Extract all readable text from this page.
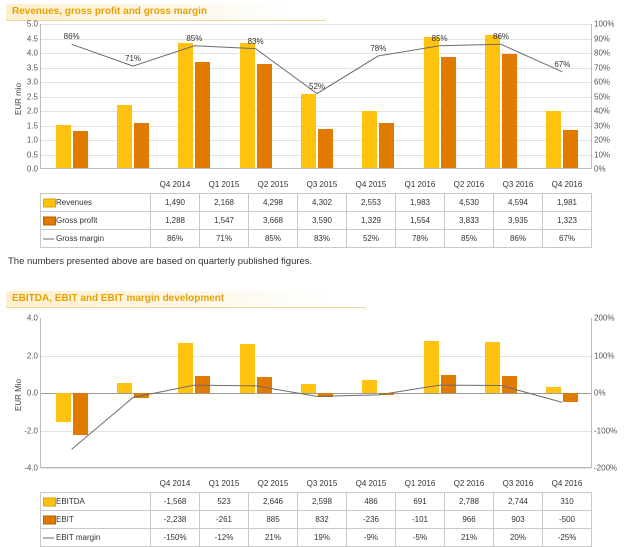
Revenues, gross profit and gross margin
EUR mio
0.0	0%
0.5	10%
1.0	20%
1.5	30%
2.0	40%
2.5	50%
3.0	60%
3.5	70%
4.0	80%
4.5	90%
5.0	100%
86%
71%
85%	83%
52%
78%
85%	86%
67%
	Q4 2014	Q1 2015	Q2 2015	Q3 2015	Q4 2015	Q1 2016	Q2 2016	Q3 2016	Q4 2016

Revenues	1,490	2,168	4,298	4,302	2,553	1,983	4,530	4,594	1,981

Gross profit	1,288	1,547	3,668	3,590	1,329	1,554	3,833	3,935	1,323

Gross margin	86%	71%	85%	83%	52%	78%	85%	86%	67%
The numbers presented above are based on quarterly published figures.
EBITDA, EBIT and EBIT margin development
EUR Mio
4.0	200%
2.0	100%
0.0	0%
-2.0	-100%
-4.0	-200%
	Q4 2014	Q1 2015	Q2 2015	Q3 2015	Q4 2015	Q1 2016	Q2 2016	Q3 2016	Q4 2016

EBITDA	-1,568	523	2,646	2,598	486	691	2,788	2,744	310

EBIT	-2,238	-261	885	832	-236	-101	966	903	-500

EBIT margin	-150%	-12%	21%	19%	-9%	-5%	21%	20%	-25%
